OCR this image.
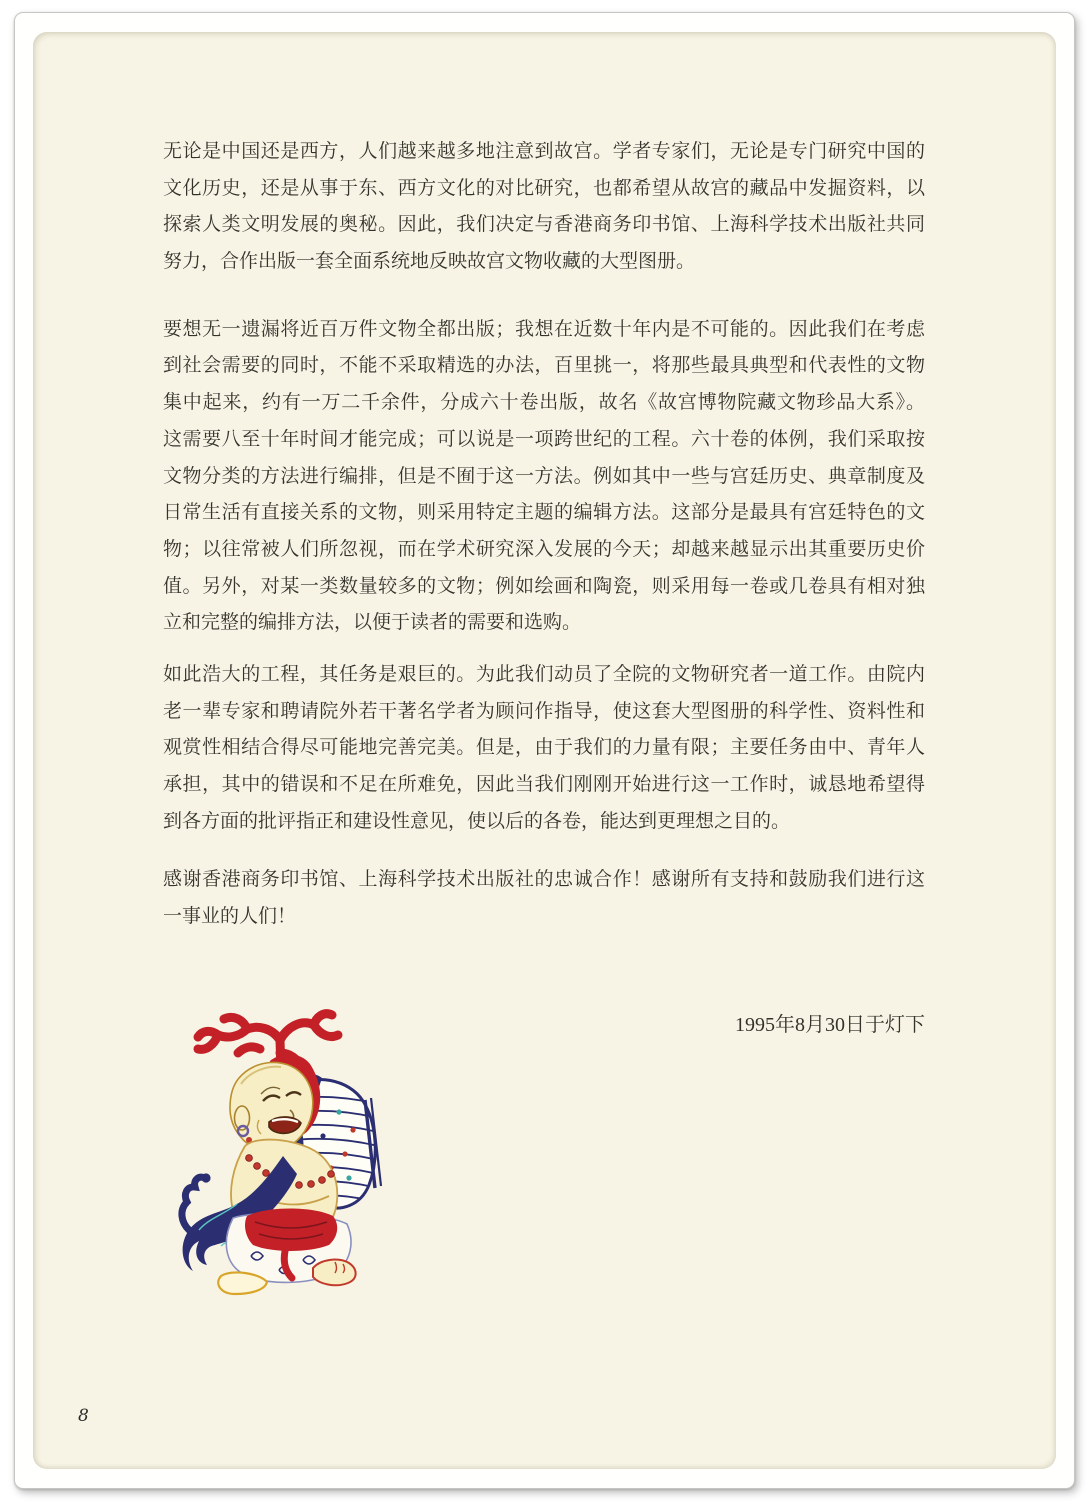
无论是中国还是西方，人们越来越多地注意到故宫。学者专家们，无论是专门研究中国的
文化历史，还是从事于东、西方文化的对比研究，也都希望从故宫的藏品中发掘资料，以
探索人类文明发展的奥秘。因此，我们决定与香港商务印书馆、上海科学技术出版社共同
努力，合作出版一套全面系统地反映故宫文物收藏的大型图册。
要想无一遗漏将近百万件文物全都出版；我想在近数十年内是不可能的。因此我们在考虑
到社会需要的同时，不能不采取精选的办法，百里挑一，将那些最具典型和代表性的文物
集中起来，约有一万二千余件，分成六十卷出版，故名《故宫博物院藏文物珍品大系》。
这需要八至十年时间才能完成；可以说是一项跨世纪的工程。六十卷的体例，我们采取按
文物分类的方法进行编排，但是不囿于这一方法。例如其中一些与宫廷历史、典章制度及
日常生活有直接关系的文物，则采用特定主题的编辑方法。这部分是最具有宫廷特色的文
物；以往常被人们所忽视，而在学术研究深入发展的今天；却越来越显示出其重要历史价
值。另外，对某一类数量较多的文物；例如绘画和陶瓷，则采用每一卷或几卷具有相对独
立和完整的编排方法，以便于读者的需要和选购。
如此浩大的工程，其任务是艰巨的。为此我们动员了全院的文物研究者一道工作。由院内
老一辈专家和聘请院外若干著名学者为顾问作指导，使这套大型图册的科学性、资料性和
观赏性相结合得尽可能地完善完美。但是，由于我们的力量有限；主要任务由中、青年人
承担，其中的错误和不足在所难免，因此当我们刚刚开始进行这一工作时，诚恳地希望得
到各方面的批评指正和建设性意见，使以后的各卷，能达到更理想之目的。
感谢香港商务印书馆、上海科学技术出版社的忠诚合作！感谢所有支持和鼓励我们进行这
一事业的人们！
1995年8月30日于灯下
8
